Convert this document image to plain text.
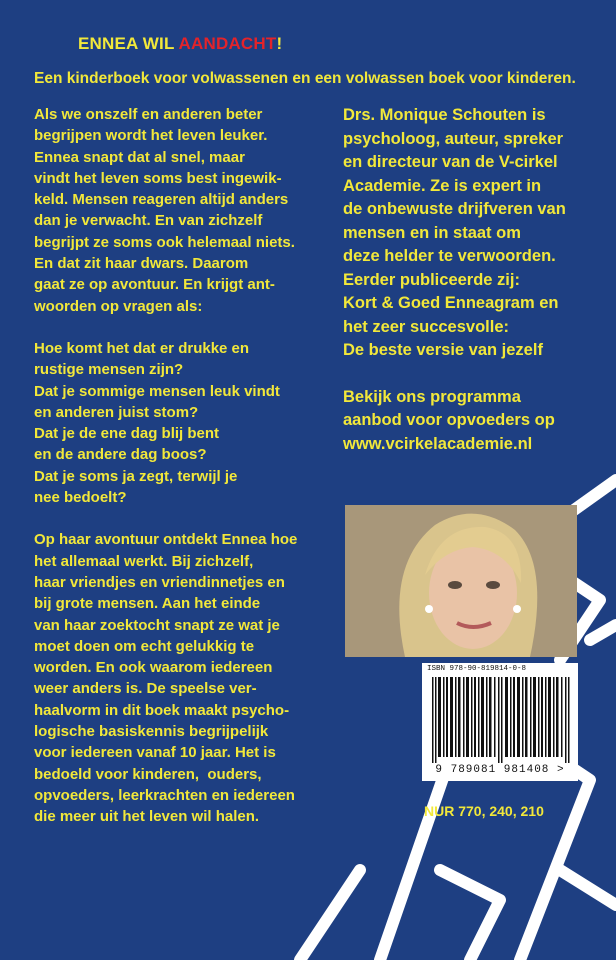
ENNEA WIL AANDACHT!
Een kinderboek voor volwassenen en een volwassen boek voor kinderen.

Als we onszelf en anderen beter

begrijpen wordt het leven leuker.

Ennea snapt dat al snel, maar

vindt het leven soms best ingewik-

keld. Mensen reageren altijd anders

dan je verwacht. En van zichzelf

begrijpt ze soms ook helemaal niets.

En dat zit haar dwars. Daarom

gaat ze op avontuur. En krijgt ant-

woorden op vragen als:

Hoe komt het dat er drukke en

rustige mensen zijn?

Dat je sommige mensen leuk vindt

en anderen juist stom?

Dat je de ene dag blij bent

en de andere dag boos?

Dat je soms ja zegt, terwijl je

nee bedoelt?

Op haar avontuur ontdekt Ennea hoe

het allemaal werkt. Bij zichzelf,

haar vriendjes en vriendinnetjes en

bij grote mensen. Aan het einde

van haar zoektocht snapt ze wat je

moet doen om echt gelukkig te

worden. En ook waarom iedereen

weer anders is. De speelse ver-

haalvorm in dit boek maakt psycho-

logische basiskennis begrijpelijk

voor iedereen vanaf 10 jaar. Het is

bedoeld voor kinderen,  ouders,

opvoeders, leerkrachten en iedereen

die meer uit het leven wil halen.

Drs. Monique Schouten is

psycholoog, auteur, spreker

en directeur van de V-cirkel

Academie. Ze is expert in

de onbewuste drijfveren van

mensen en in staat om

deze helder te verwoorden.

Eerder publiceerde zij:

Kort & Goed Enneagram en

het zeer succesvolle:

De beste versie van jezelf

Bekijk ons programma

aanbod voor opvoeders op

www.vcirkelacademie.nl

ISBN 978-90-819814-0-8
9 789081 981408 >
NUR 770, 240, 210
